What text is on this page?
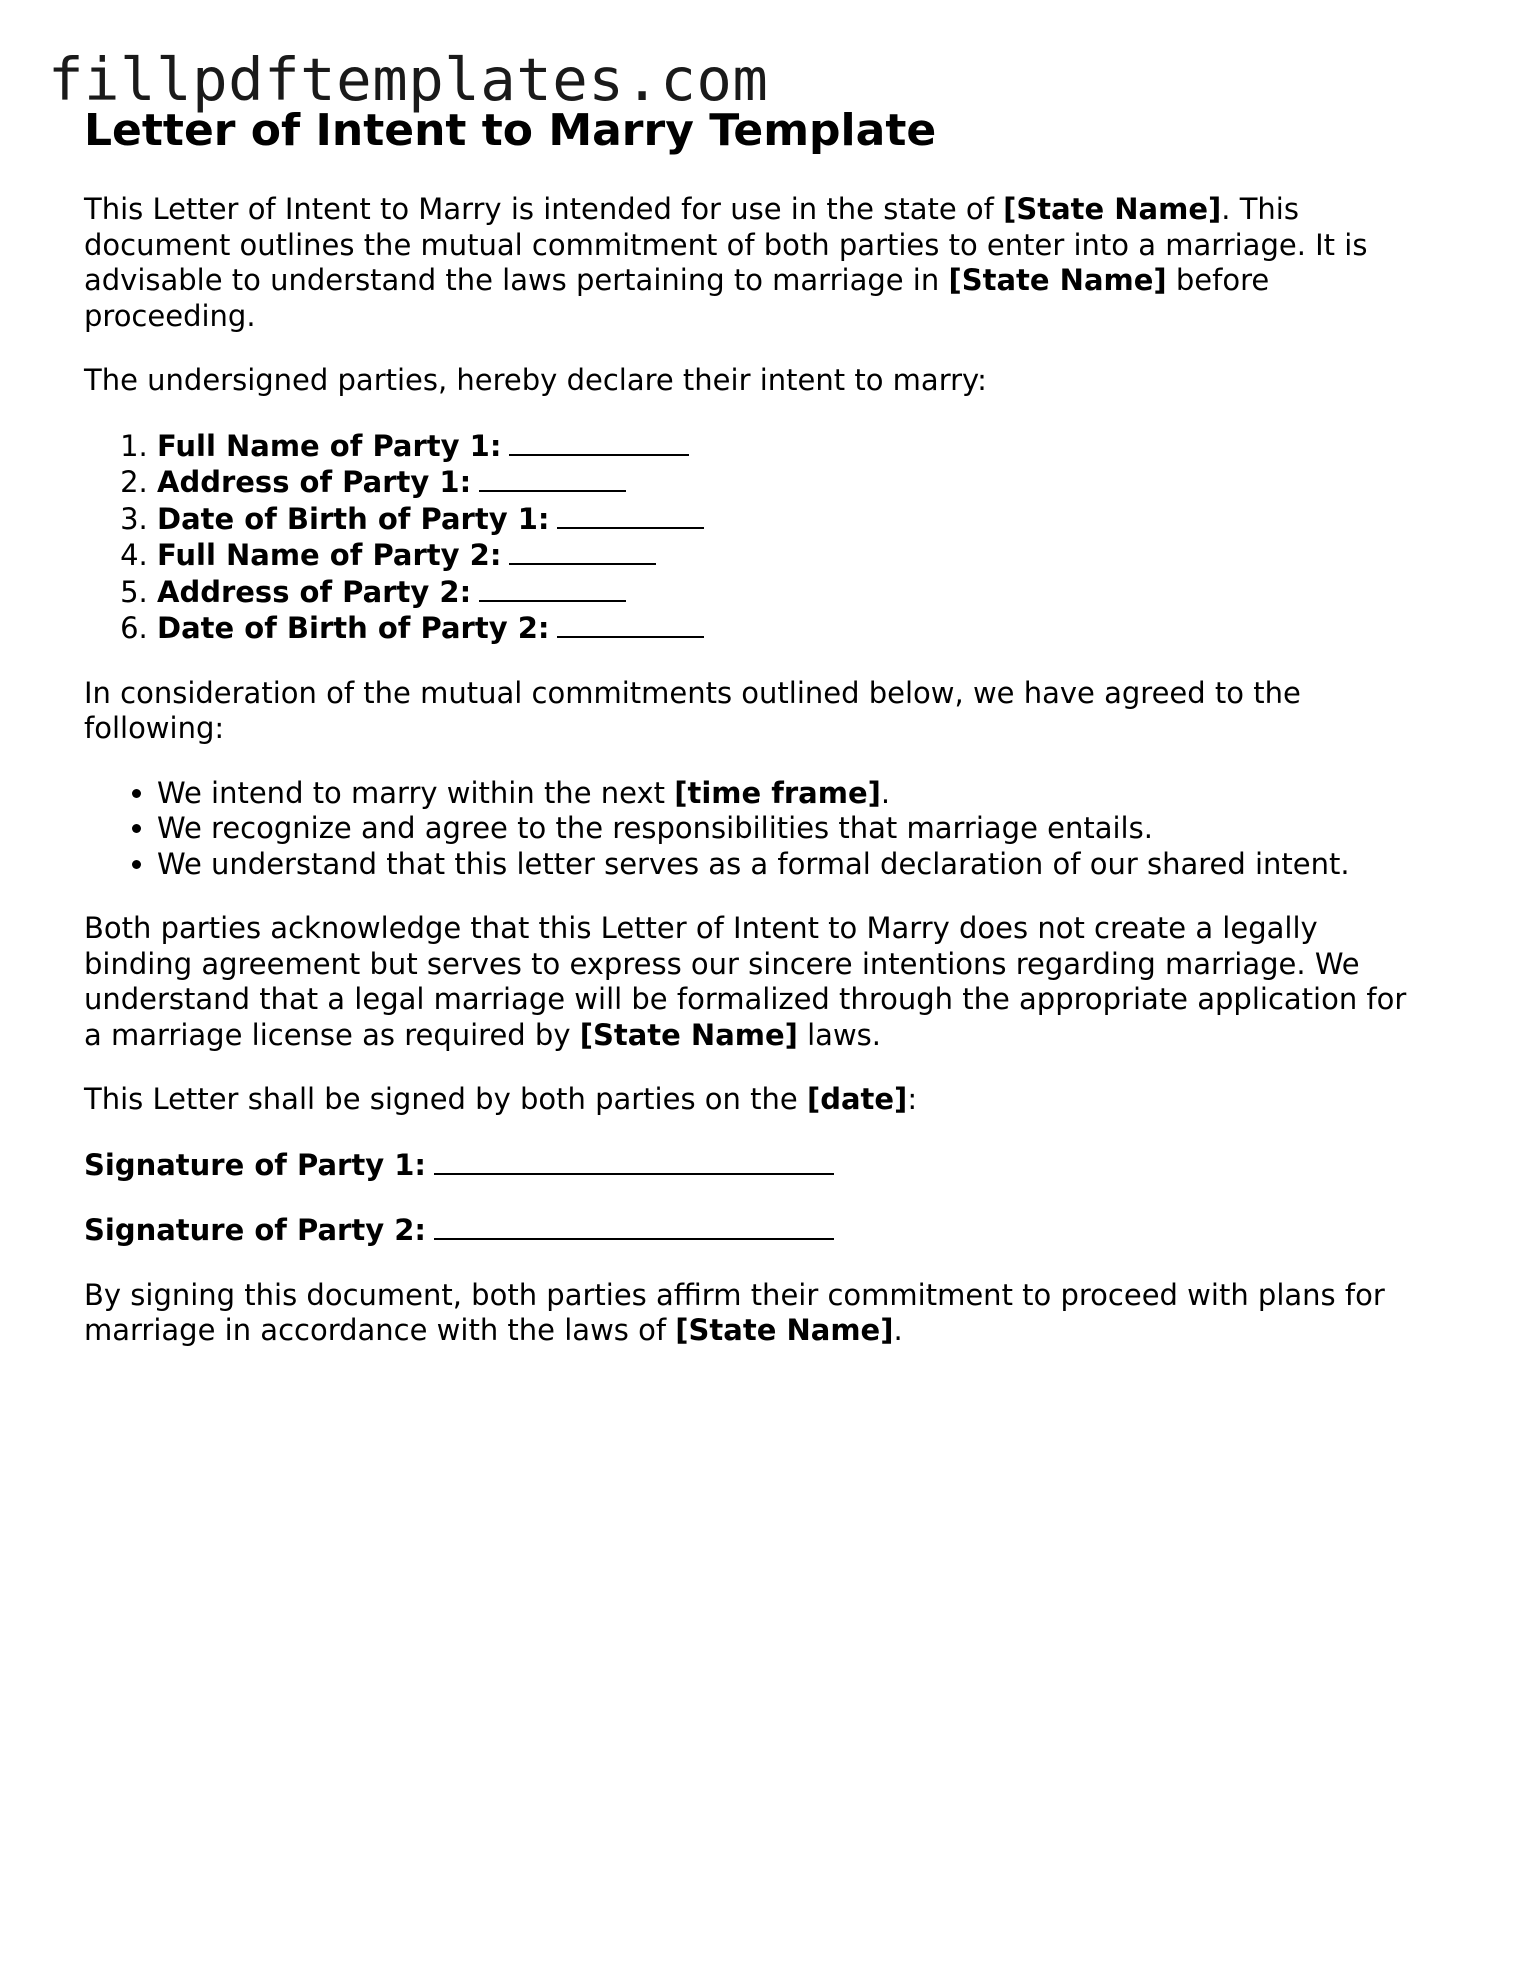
fillpdftemplates.com
Letter of Intent to Marry Template

This Letter of Intent to Marry is intended for use in the state of [State Name]. This document outlines the mutual commitment of both parties to enter into a marriage. It is advisable to understand the laws pertaining to marriage in [State Name] before proceeding.

The undersigned parties, hereby declare their intent to marry:

1. Full Name of Party 1:
2. Address of Party 1:
3. Date of Birth of Party 1:
4. Full Name of Party 2:
5. Address of Party 2:
6. Date of Birth of Party 2:

In consideration of the mutual commitments outlined below, we have agreed to the following:

• We intend to marry within the next [time frame].
• We recognize and agree to the responsibilities that marriage entails.
• We understand that this letter serves as a formal declaration of our shared intent.

Both parties acknowledge that this Letter of Intent to Marry does not create a legally binding agreement but serves to express our sincere intentions regarding marriage. We understand that a legal marriage will be formalized through the appropriate application for a marriage license as required by [State Name] laws.

This Letter shall be signed by both parties on the [date]:

Signature of Party 1:

Signature of Party 2:

By signing this document, both parties affirm their commitment to proceed with plans for marriage in accordance with the laws of [State Name].
